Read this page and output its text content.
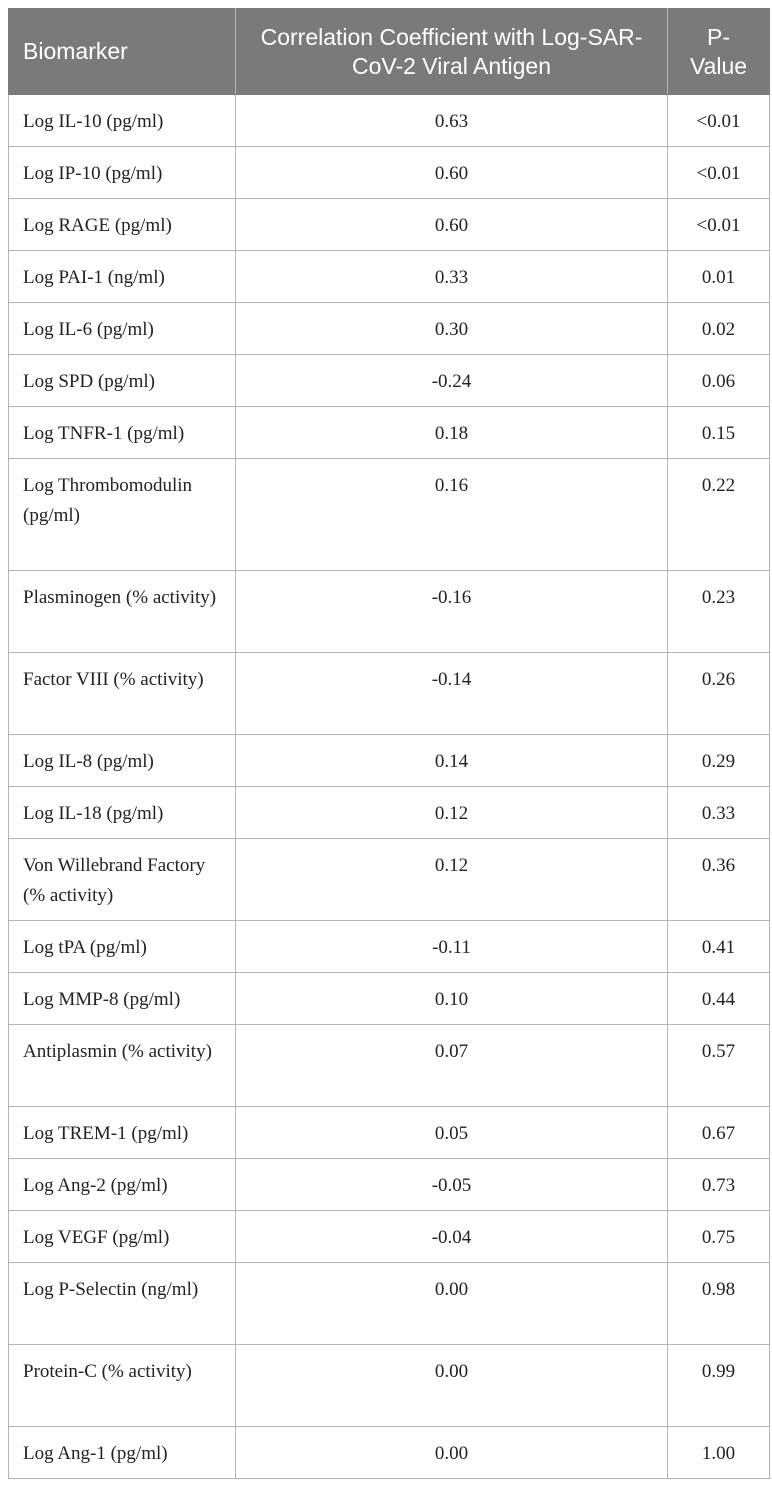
Biomarker	Correlation Coefficient with Log-SAR-CoV-2 Viral Antigen	P-Value
Log IL-10 (pg/ml)	0.63	<0.01
Log IP-10 (pg/ml)	0.60	<0.01
Log RAGE (pg/ml)	0.60	<0.01
Log PAI-1 (ng/ml)	0.33	0.01
Log IL-6 (pg/ml)	0.30	0.02
Log SPD (pg/ml)	-0.24	0.06
Log TNFR-1 (pg/ml)	0.18	0.15
Log Thrombomodulin (pg/ml)	0.16	0.22
Plasminogen (% activity)	-0.16	0.23
Factor VIII (% activity)	-0.14	0.26
Log IL-8 (pg/ml)	0.14	0.29
Log IL-18 (pg/ml)	0.12	0.33
Von Willebrand Factory (% activity)	0.12	0.36
Log tPA (pg/ml)	-0.11	0.41
Log MMP-8 (pg/ml)	0.10	0.44
Antiplasmin (% activity)	0.07	0.57
Log TREM-1 (pg/ml)	0.05	0.67
Log Ang-2 (pg/ml)	-0.05	0.73
Log VEGF (pg/ml)	-0.04	0.75
Log P-Selectin (ng/ml)	0.00	0.98
Protein-C (% activity)	0.00	0.99
Log Ang-1 (pg/ml)	0.00	1.00
